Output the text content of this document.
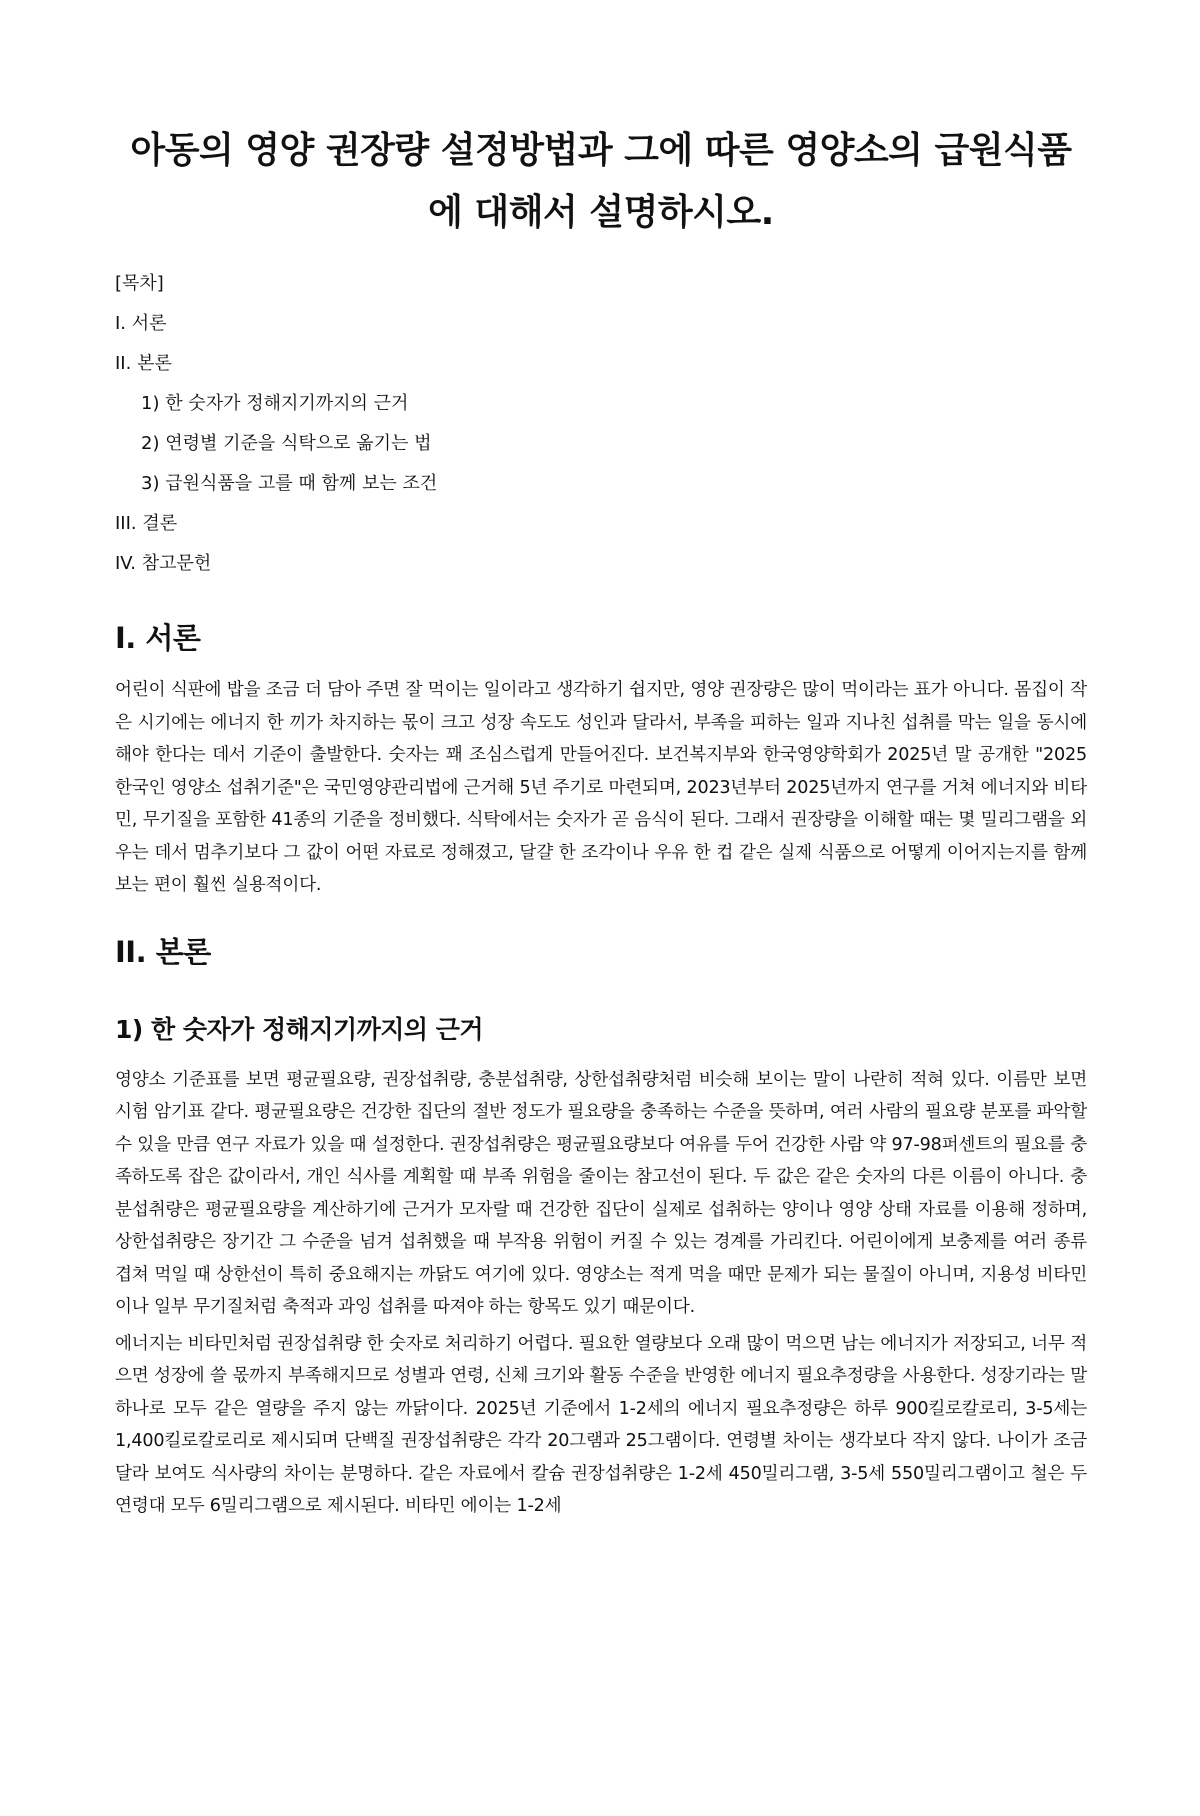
아동의 영양 권장량 설정방법과 그에 따른 영양소의 급원식품에 대해서 설명하시오.
[목차]
I. 서론
II. 본론
1) 한 숫자가 정해지기까지의 근거
2) 연령별 기준을 식탁으로 옮기는 법
3) 급원식품을 고를 때 함께 보는 조건
III. 결론
IV. 참고문헌
I. 서론

어린이 식판에 밥을 조금 더 담아 주면 잘 먹이는 일이라고 생각하기 쉽지만, 영양 권장량은 많이 먹이라는 표가 아니다. 몸집이 작은 시기에는 에너지 한 끼가 차지하는 몫이 크고 성장 속도도 성인과 달라서, 부족을 피하는 일과 지나친 섭취를 막는 일을 동시에 해야 한다는 데서 기준이 출발한다. 숫자는 꽤 조심스럽게 만들어진다. 보건복지부와 한국영양학회가 2025년 말 공개한 "2025 한국인 영양소 섭취기준"은 국민영양관리법에 근거해 5년 주기로 마련되며, 2023년부터 2025년까지 연구를 거쳐 에너지와 비타민, 무기질을 포함한 41종의 기준을 정비했다. 식탁에서는 숫자가 곧 음식이 된다. 그래서 권장량을 이해할 때는 몇 밀리그램을 외우는 데서 멈추기보다 그 값이 어떤 자료로 정해졌고, 달걀 한 조각이나 우유 한 컵 같은 실제 식품으로 어떻게 이어지는지를 함께 보는 편이 훨씬 실용적이다.

II. 본론
1) 한 숫자가 정해지기까지의 근거

영양소 기준표를 보면 평균필요량, 권장섭취량, 충분섭취량, 상한섭취량처럼 비슷해 보이는 말이 나란히 적혀 있다. 이름만 보면 시험 암기표 같다. 평균필요량은 건강한 집단의 절반 정도가 필요량을 충족하는 수준을 뜻하며, 여러 사람의 필요량 분포를 파악할 수 있을 만큼 연구 자료가 있을 때 설정한다. 권장섭취량은 평균필요량보다 여유를 두어 건강한 사람 약 97-98퍼센트의 필요를 충족하도록 잡은 값이라서, 개인 식사를 계획할 때 부족 위험을 줄이는 참고선이 된다. 두 값은 같은 숫자의 다른 이름이 아니다. 충분섭취량은 평균필요량을 계산하기에 근거가 모자랄 때 건강한 집단이 실제로 섭취하는 양이나 영양 상태 자료를 이용해 정하며, 상한섭취량은 장기간 그 수준을 넘겨 섭취했을 때 부작용 위험이 커질 수 있는 경계를 가리킨다. 어린이에게 보충제를 여러 종류 겹쳐 먹일 때 상한선이 특히 중요해지는 까닭도 여기에 있다. 영양소는 적게 먹을 때만 문제가 되는 물질이 아니며, 지용성 비타민이나 일부 무기질처럼 축적과 과잉 섭취를 따져야 하는 항목도 있기 때문이다.

에너지는 비타민처럼 권장섭취량 한 숫자로 처리하기 어렵다. 필요한 열량보다 오래 많이 먹으면 남는 에너지가 저장되고, 너무 적으면 성장에 쓸 몫까지 부족해지므로 성별과 연령, 신체 크기와 활동 수준을 반영한 에너지 필요추정량을 사용한다. 성장기라는 말 하나로 모두 같은 열량을 주지 않는 까닭이다. 2025년 기준에서 1-2세의 에너지 필요추정량은 하루 900킬로칼로리, 3-5세는 1,400킬로칼로리로 제시되며 단백질 권장섭취량은 각각 20그램과 25그램이다. 연령별 차이는 생각보다 작지 않다. 나이가 조금 달라 보여도 식사량의 차이는 분명하다. 같은 자료에서 칼슘 권장섭취량은 1-2세 450밀리그램, 3-5세 550밀리그램이고 철은 두 연령대 모두 6밀리그램으로 제시된다. 비타민 에이는 1-2세
